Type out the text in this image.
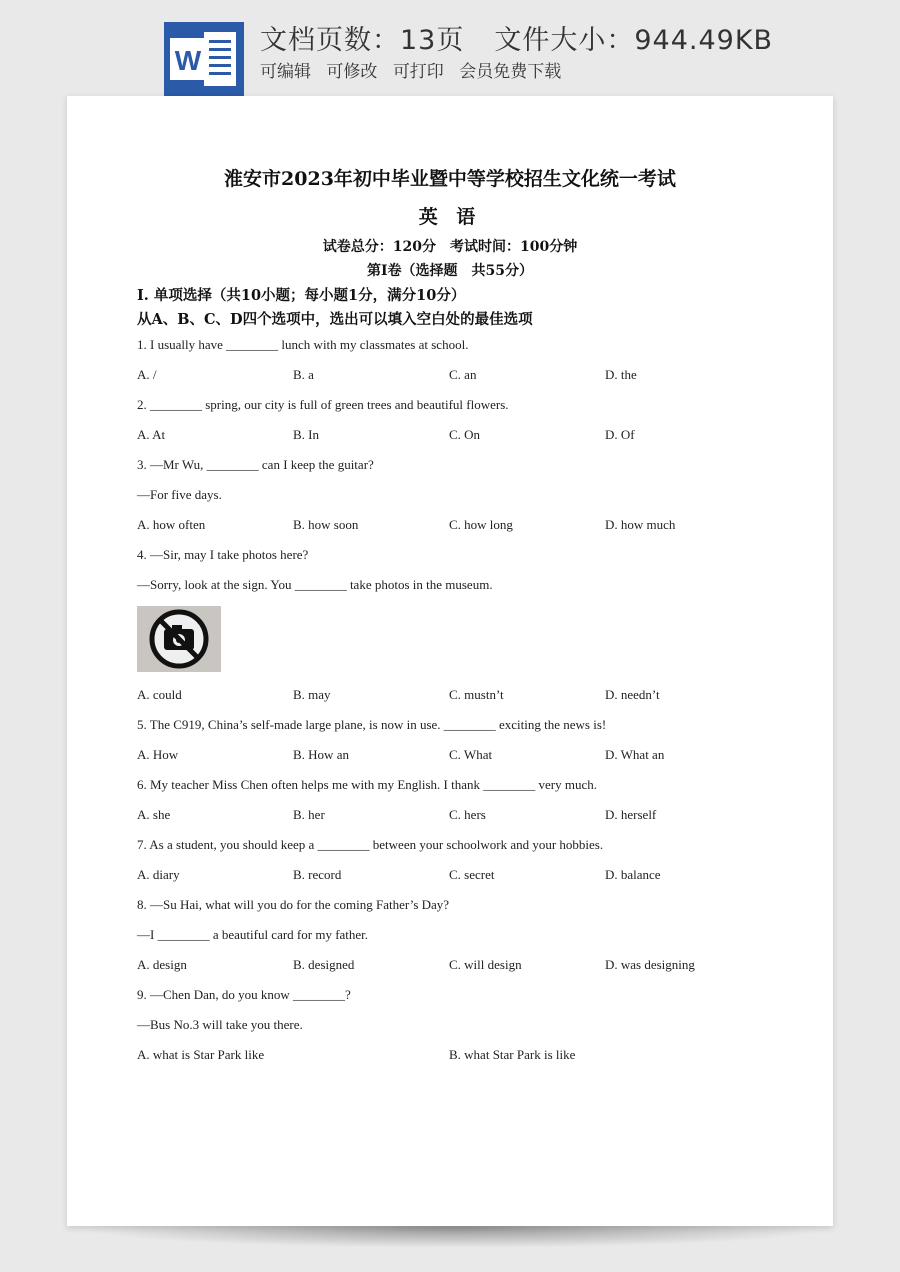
W
文档页数：13页 文件大小：944.49KB
可编辑 可修改 可打印 会员免费下载
淮安市2023年初中毕业暨中等学校招生文化统一考试
英 语
试卷总分：120分　考试时间：100分钟
第Ⅰ卷（选择题　共55分）
Ⅰ. 单项选择（共10小题；每小题1分，满分10分）
从A、B、C、D四个选项中，选出可以填入空白处的最佳选项
1. I usually have ________ lunch with my classmates at school.
A. /	B. a	C. an	D. the
2. ________ spring, our city is full of green trees and beautiful flowers.
A. At	B. In	C. On	D. Of
3. —Mr Wu, ________ can I keep the guitar?
—For five days.
A. how often	B. how soon	C. how long	D. how much
4. —Sir, may I take photos here?
—Sorry, look at the sign. You ________ take photos in the museum.
A. could	B. may	C. mustn’t	D. needn’t
5. The C919, China’s self-made large plane, is now in use. ________ exciting the news is!
A. How	B. How an	C. What	D. What an
6. My teacher Miss Chen often helps me with my English. I thank ________ very much.
A. she	B. her	C. hers	D. herself
7. As a student, you should keep a ________ between your schoolwork and your hobbies.
A. diary	B. record	C. secret	D. balance
8. —Su Hai, what will you do for the coming Father’s Day?
—I ________ a beautiful card for my father.
A. design	B. designed	C. will design	D. was designing
9. —Chen Dan, do you know ________?
—Bus No.3 will take you there.
A. what is Star Park like	B. what Star Park is like
